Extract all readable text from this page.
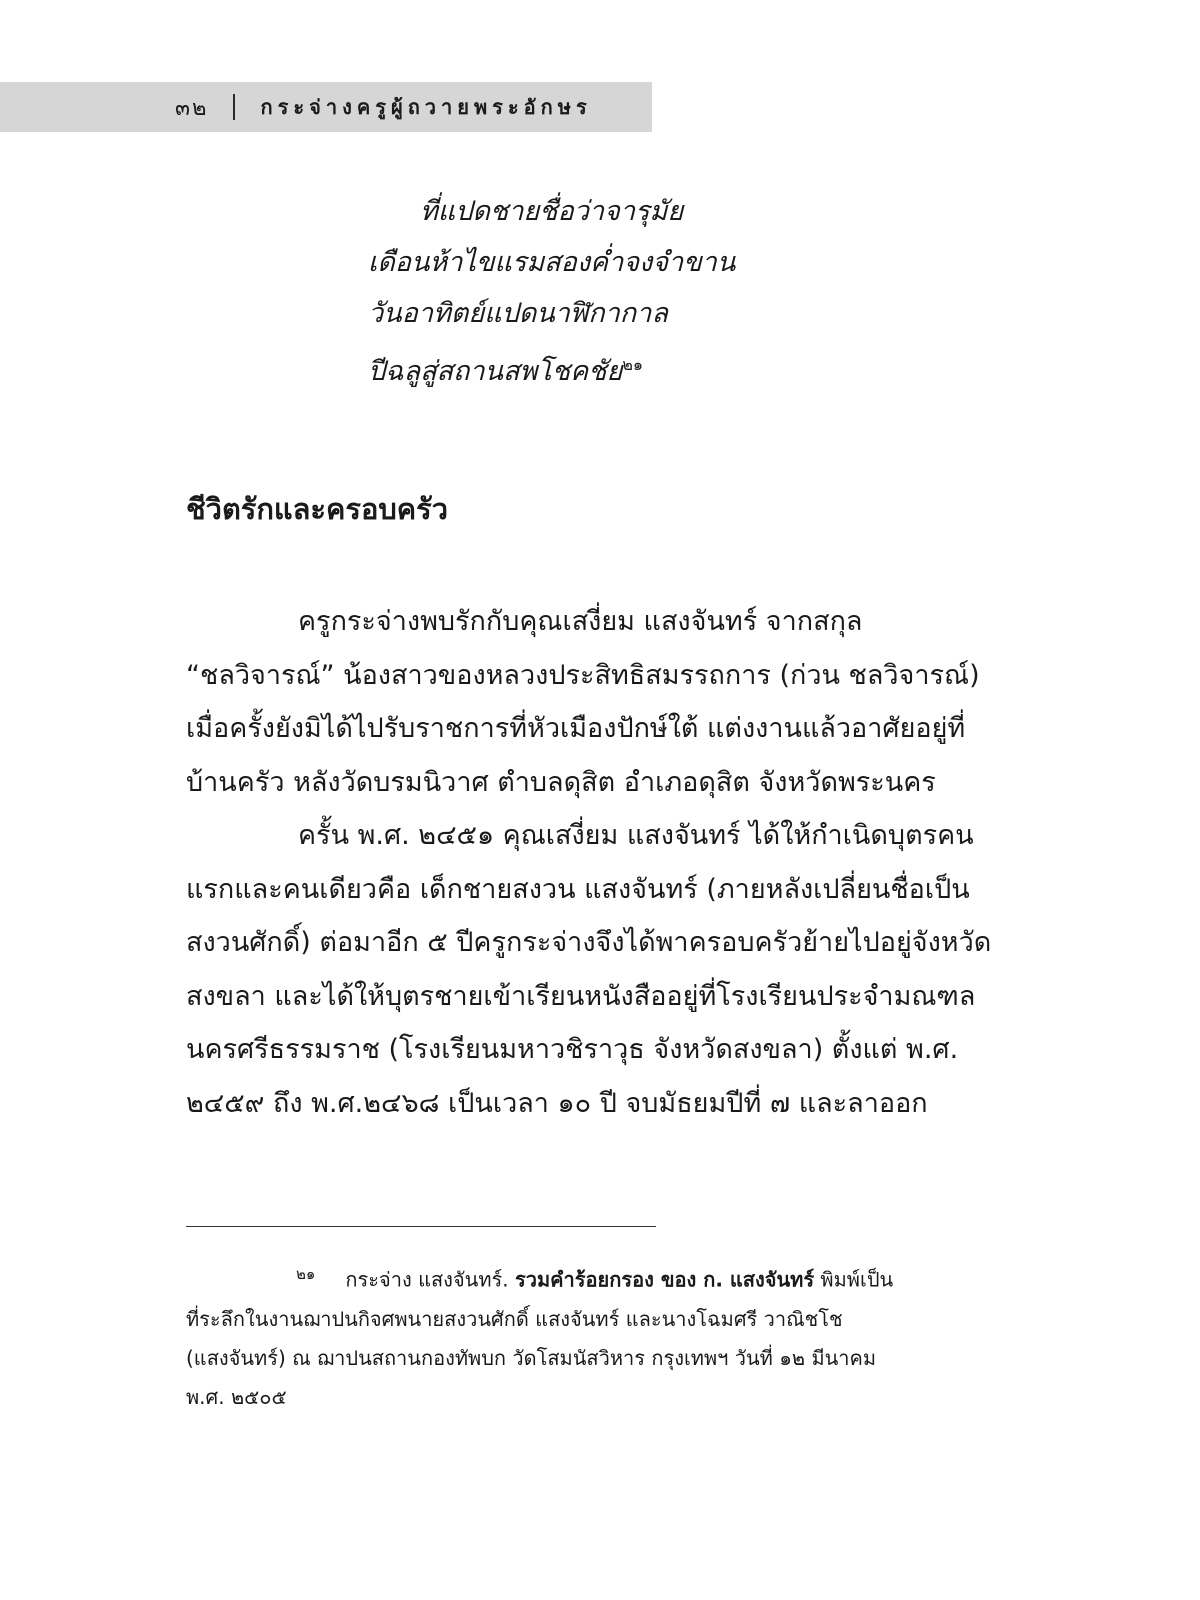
๓๒	กระจ่างครูผู้ถวายพระอักษร
ที่แปดชายชื่อว่าจารุมัย
เดือนห้าไขแรมสองค่ำจงจำขาน
วันอาทิตย์แปดนาฬิกากาล
ปีฉลูสู่สถานสพโชคชัย$^{๒๑}$
ชีวิตรักและครอบครัว

ครูกระจ่างพบรักกับคุณเสงี่ยม แสงจันทร์ จากสกุล
“ชลวิจารณ์” น้องสาวของหลวงประสิทธิสมรรถการ (ก่วน ชลวิจารณ์)
เมื่อครั้งยังมิได้ไปรับราชการที่หัวเมืองปักษ์ใต้ แต่งงานแล้วอาศัยอยู่ที่
บ้านครัว หลังวัดบรมนิวาศ ตำบลดุสิต อำเภอดุสิต จังหวัดพระนคร

ครั้น พ.ศ. ๒๔๕๑ คุณเสงี่ยม แสงจันทร์ ได้ให้กำเนิดบุตรคน
แรกและคนเดียวคือ เด็กชายสงวน แสงจันทร์ (ภายหลังเปลี่ยนชื่อเป็น
สงวนศักดิ์) ต่อมาอีก ๕ ปีครูกระจ่างจึงได้พาครอบครัวย้ายไปอยู่จังหวัด
สงขลา และได้ให้บุตรชายเข้าเรียนหนังสืออยู่ที่โรงเรียนประจำมณฑล
นครศรีธรรมราช (โรงเรียนมหาวชิราวุธ จังหวัดสงขลา) ตั้งแต่ พ.ศ.
๒๔๕๙ ถึง พ.ศ.๒๔๖๘ เป็นเวลา ๑๐ ปี จบมัธยมปีที่ ๗ และลาออก

$^{๒๑}$ กระจ่าง แสงจันทร์. รวมคำร้อยกรอง ของ ก. แสงจันทร์ พิมพ์เป็น
ที่ระลึกในงานฌาปนกิจศพนายสงวนศักดิ์ แสงจันทร์ และนางโฉมศรี วาณิชโช
(แสงจันทร์) ณ ฌาปนสถานกองทัพบก วัดโสมนัสวิหาร กรุงเทพฯ วันที่ ๑๒ มีนาคม
พ.ศ. ๒๕๐๕
